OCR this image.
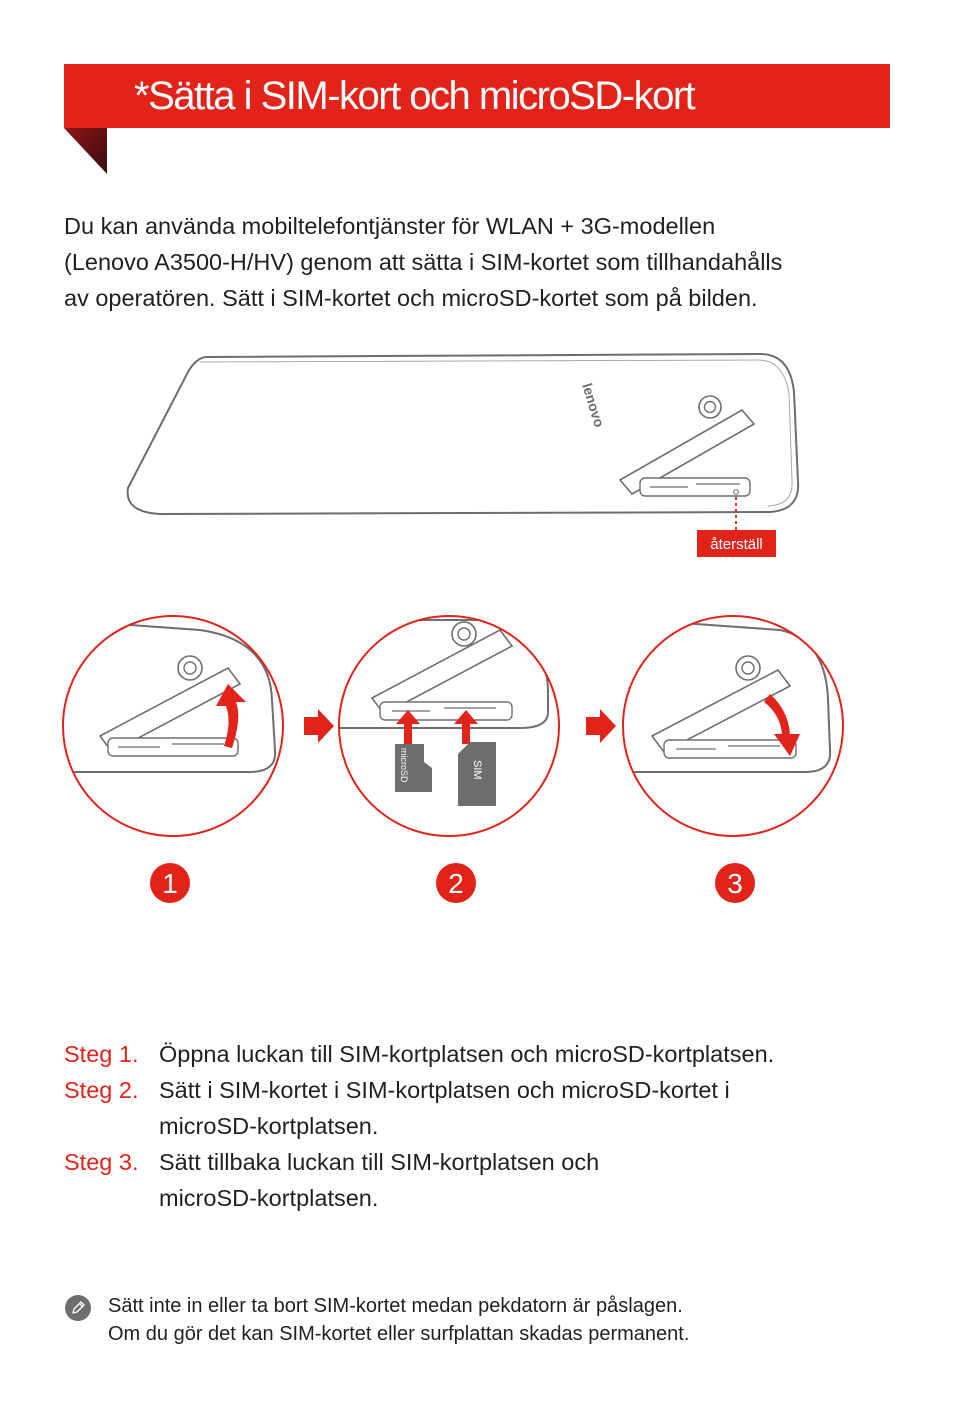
*Sätta i SIM-kort och microSD-kort

Du kan använda mobiltelefontjänster för WLAN + 3G-modellen

(Lenovo A3500-H/HV) genom att sätta i SIM-kortet som tillhandahålls

av operatören. Sätt i SIM-kortet och microSD-kortet som på bilden.

lenovo
återställ
microSD	SIM
1	2	3
Steg 1. Öppna luckan till SIM-kortplatsen och microSD-kortplatsen.
Steg 2. Sätt i SIM-kortet i SIM-kortplatsen och microSD-kortet i microSD-kortplatsen.
Steg 3. Sätt tillbaka luckan till SIM-kortplatsen och microSD-kortplatsen.

Sätt inte in eller ta bort SIM-kortet medan pekdatorn är påslagen.

Om du gör det kan SIM-kortet eller surfplattan skadas permanent.
